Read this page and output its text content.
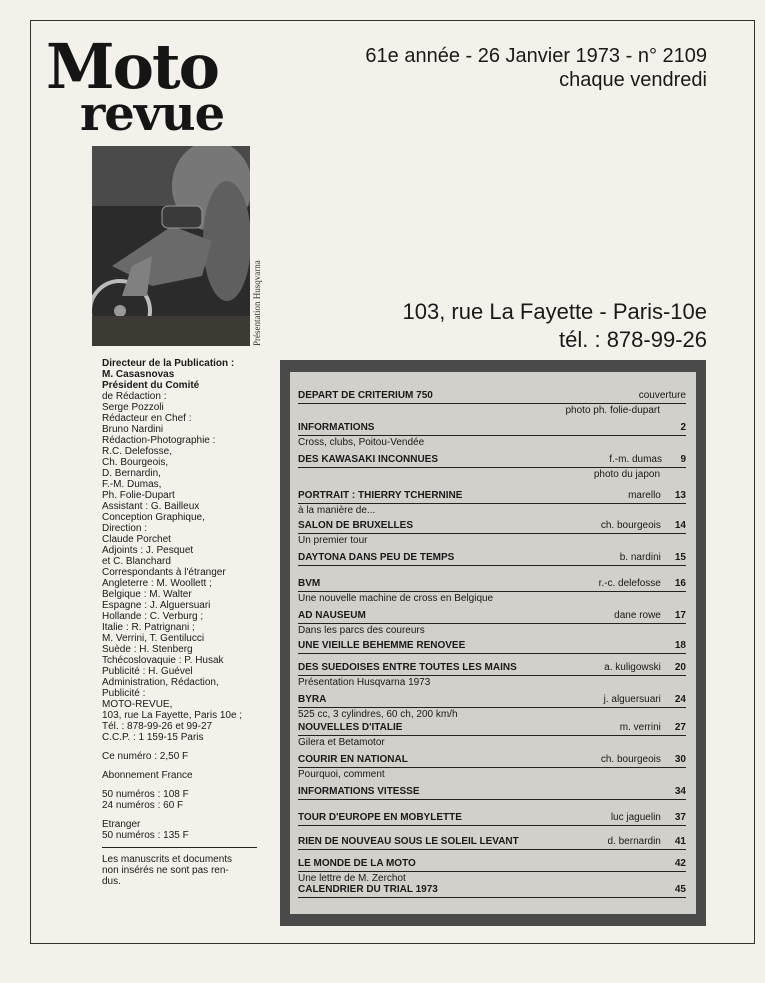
Moto
revue
61e année - 26 Janvier 1973 - n° 2109
chaque vendredi
Présentation Husqvarna	103, rue La Fayette - Paris-10e
tél. : 878-99-26
Directeur de la Publication :
M. Casasnovas
Président du Comité
de Rédaction :
Serge Pozzoli
Rédacteur en Chef :
Bruno Nardini
Rédaction-Photographie :
R.C. Delefosse,
Ch. Bourgeois,
D. Bernardin,
F.-M. Dumas,
Ph. Folie-Dupart
Assistant : G. Bailleux
Conception Graphique,
Direction :
Claude Porchet
Adjoints : J. Pesquet
et C. Blanchard
Correspondants à l'étranger
Angleterre : M. Woollett ;
Belgique : M. Walter
Espagne : J. Alguersuari
Hollande : C. Verburg ;
Italie : R. Patrignani ;
M. Verrini, T. Gentilucci
Suède : H. Stenberg
Tchécoslovaquie : P. Husak
Publicité : H. Guével
Administration, Rédaction,
Publicité :
MOTO-REVUE,
103, rue La Fayette, Paris 10e ;
Tél. : 878-99-26 et 99-27
C.C.P. : 1 159-15 Paris
Ce numéro : 2,50 F
Abonnement France
50 numéros : 108 F
24 numéros : 60 F
Etranger
50 numéros : 135 F
Les manuscrits et documents
non insérés ne sont pas ren-
dus.
DEPART DE CRITERIUM 750	couverture
photo ph. folie-dupart
INFORMATIONS	2
Cross, clubs, Poitou-Vendée
DES KAWASAKI INCONNUES	f.-m. dumas	9
photo du japon
PORTRAIT : THIERRY TCHERNINE	marello 13
à la manière de...
SALON DE BRUXELLES	ch. bourgeois 14
Un premier tour
DAYTONA DANS PEU DE TEMPS	b. nardini 15
BVM	r.-c. delefosse 16
Une nouvelle machine de cross en Belgique
AD NAUSEUM	dane rowe 17
Dans les parcs des coureurs
UNE VIEILLE BEHEMME RENOVEE	18
DES SUEDOISES ENTRE TOUTES LES MAINS	a. kuligowski 20
Présentation Husqvarna 1973
BYRA	j. alguersuari 24
525 cc, 3 cylindres, 60 ch, 200 km/h
NOUVELLES D'ITALIE	m. verrini 27
Gilera et Betamotor
COURIR EN NATIONAL	ch. bourgeois 30
Pourquoi, comment
INFORMATIONS VITESSE	34
TOUR D'EUROPE EN MOBYLETTE	luc jaguelin 37
RIEN DE NOUVEAU SOUS LE SOLEIL LEVANT	d. bernardin 41
LE MONDE DE LA MOTO	42
Une lettre de M. Zerchot
CALENDRIER DU TRIAL 1973	45
